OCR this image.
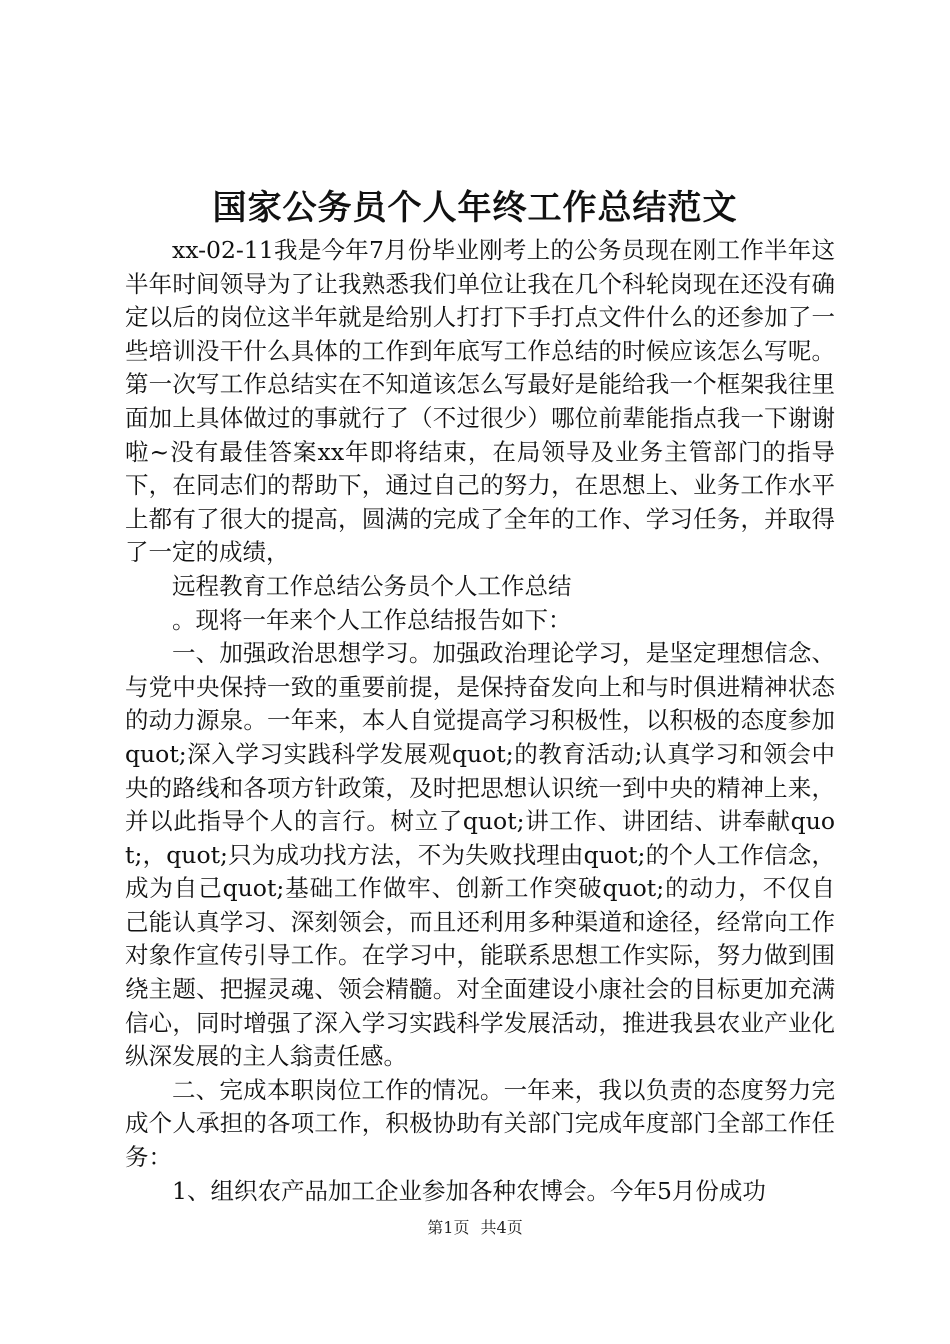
国家公务员个人年终工作总结范文

xx-02-11我是今年7月份毕业刚考上的公务员现在刚工作半年这半年时间领导为了让我熟悉我们单位让我在几个科轮岗现在还没有确定以后的岗位这半年就是给别人打打下手打点文件什么的还参加了一些培训没干什么具体的工作到年底写工作总结的时候应该怎么写呢。第一次写工作总结实在不知道该怎么写最好是能给我一个框架我往里面加上具体做过的事就行了（不过很少）哪位前辈能指点我一下谢谢啦~没有最佳答案xx年即将结束，在局领导及业务主管部门的指导下，在同志们的帮助下，通过自己的努力，在思想上、业务工作水平上都有了很大的提高，圆满的完成了全年的工作、学习任务，并取得了一定的成绩，

远程教育工作总结公务员个人工作总结

。现将一年来个人工作总结报告如下：

一、加强政治思想学习。加强政治理论学习，是坚定理想信念、与党中央保持一致的重要前提，是保持奋发向上和与时俱进精神状态的动力源泉。一年来，本人自觉提高学习积极性，以积极的态度参加quot;深入学习实践科学发展观quot;的教育活动;认真学习和领会中央的路线和各项方针政策，及时把思想认识统一到中央的精神上来，并以此指导个人的言行。树立了quot;讲工作、讲团结、讲奉献quot;，quot;只为成功找方法，不为失败找理由quot;的个人工作信念，成为自己quot;基础工作做牢、创新工作突破quot;的动力，不仅自己能认真学习、深刻领会，而且还利用多种渠道和途径，经常向工作对象作宣传引导工作。在学习中，能联系思想工作实际，努力做到围绕主题、把握灵魂、领会精髓。对全面建设小康社会的目标更加充满信心，同时增强了深入学习实践科学发展活动，推进我县农业产业化纵深发展的主人翁责任感。

二、完成本职岗位工作的情况。一年来，我以负责的态度努力完成个人承担的各项工作，积极协助有关部门完成年度部门全部工作任务：

1、组织农产品加工企业参加各种农博会。今年5月份成功

第1页 共4页
